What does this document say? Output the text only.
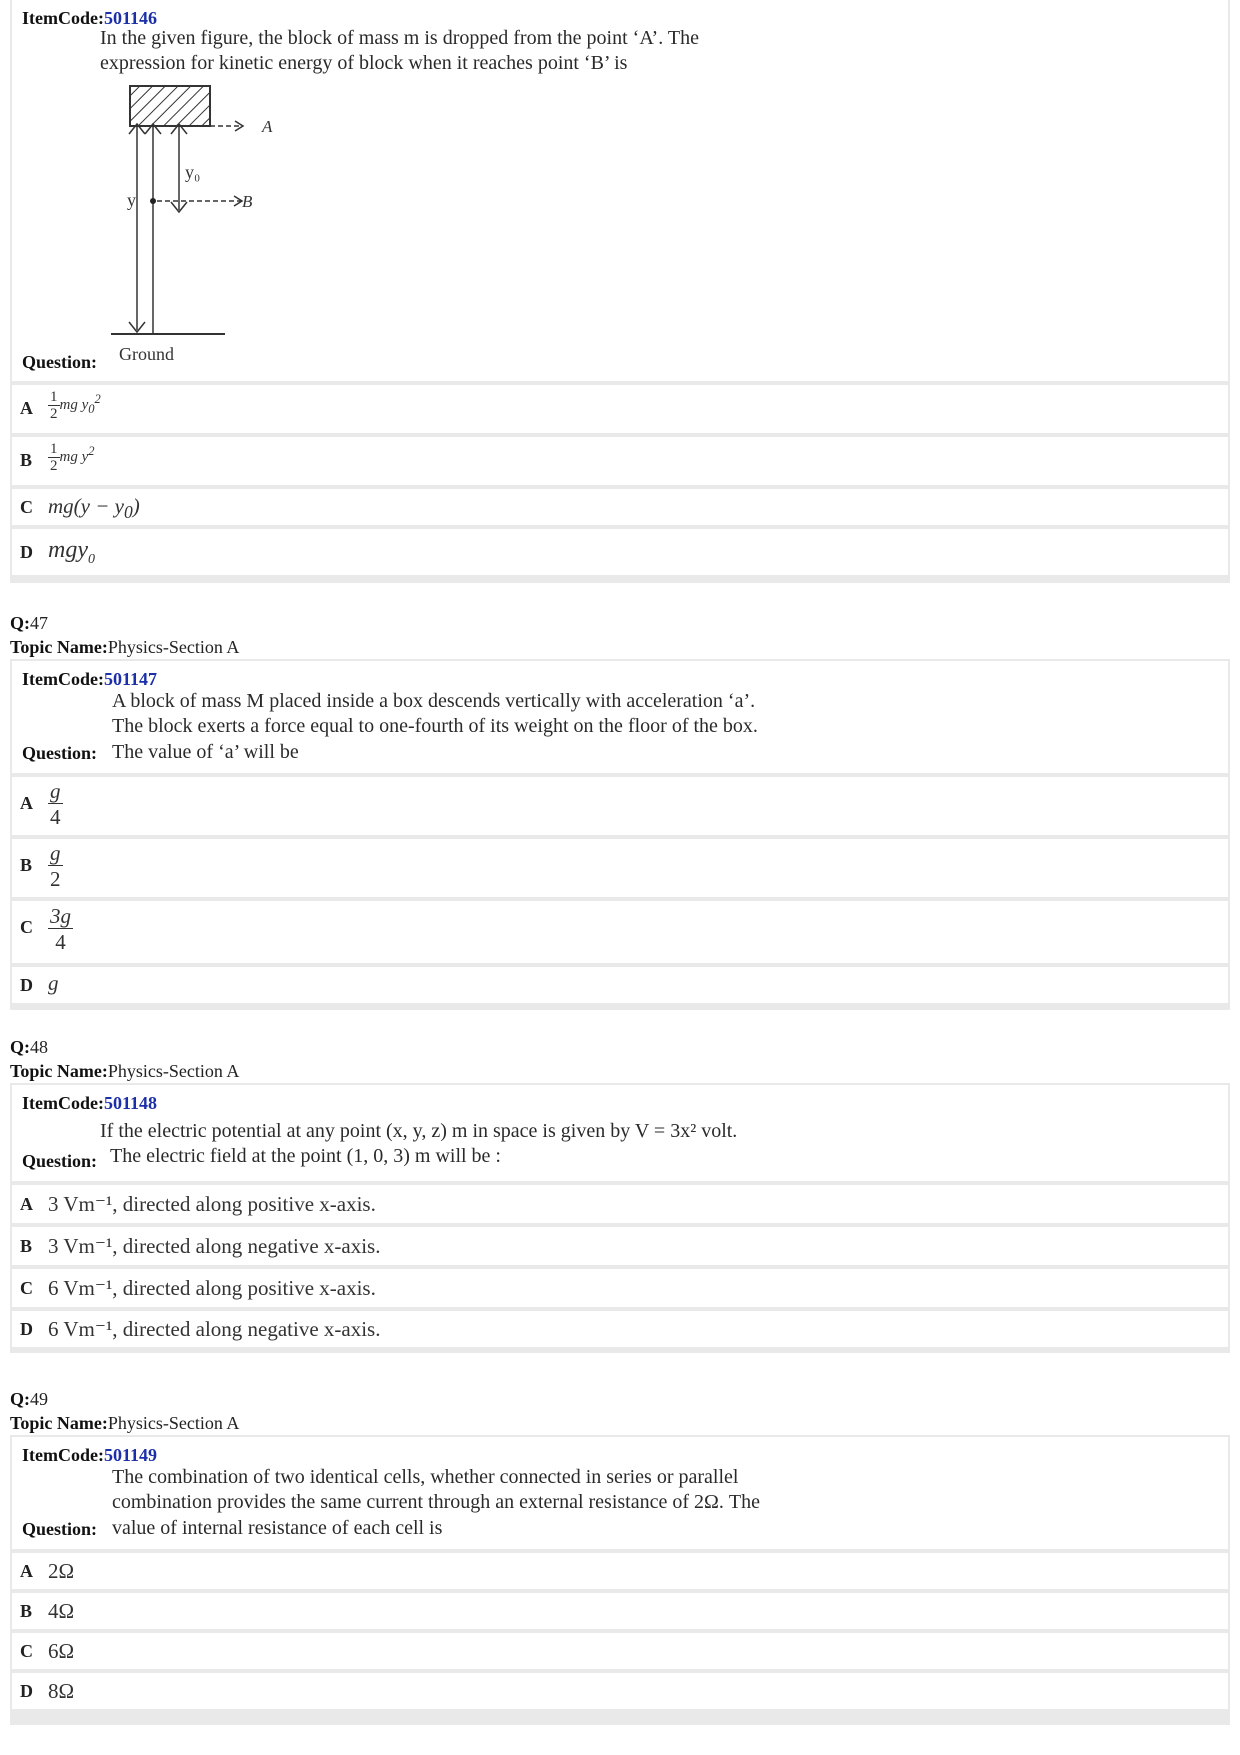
ItemCode:501146
In the given figure, the block of mass m is dropped from the point ‘A’. The
expression for kinetic energy of block when it reaches point ‘B’ is
A
y₀
y	B
Ground
Question:
A $\frac{1}{2}$ mg $y_0^2$
B $\frac{1}{2}$ mg $y^2$
C $mg(y - y_0)$
D mgy$_0$
Q:47
Topic Name:Physics-Section A
ItemCode:501147
A block of mass M placed inside a box descends vertically with acceleration ‘a’.
The block exerts a force equal to one-fourth of its weight on the floor of the box.
Question: The value of ‘a’ will be
A $\frac{g}{4}$
B $\frac{g}{2}$
C $\frac{3g}{4}$
D g
Q:48
Topic Name:Physics-Section A
ItemCode:501148
If the electric potential at any point (x, y, z) m in space is given by V = 3x² volt.
Question: The electric field at the point (1, 0, 3) m will be :
A 3 Vm⁻¹, directed along positive x-axis.
B 3 Vm⁻¹, directed along negative x-axis.
C 6 Vm⁻¹, directed along positive x-axis.
D 6 Vm⁻¹, directed along negative x-axis.
Q:49
Topic Name:Physics-Section A
ItemCode:501149
The combination of two identical cells, whether connected in series or parallel
combination provides the same current through an external resistance of 2Ω. The
Question: value of internal resistance of each cell is
A 2Ω
B 4Ω
C 6Ω
D 8Ω
